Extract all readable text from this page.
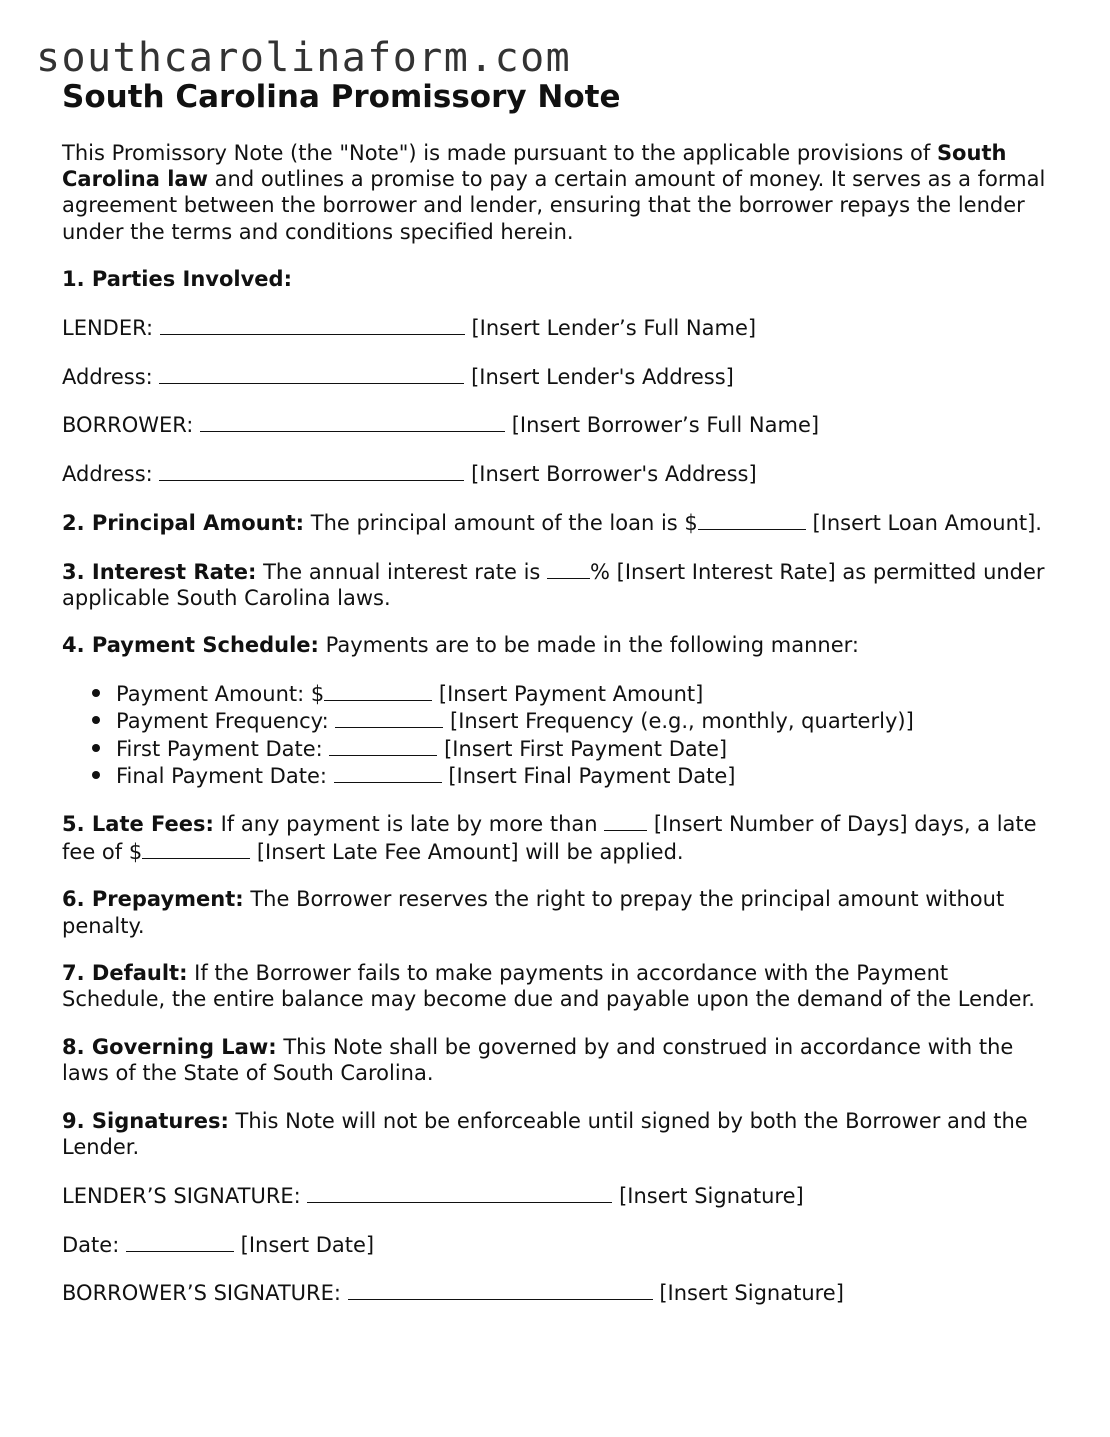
southcarolinaform.com
South Carolina Promissory Note

This Promissory Note (the "Note") is made pursuant to the applicable provisions of South Carolina law and outlines a promise to pay a certain amount of money. It serves as a formal agreement between the borrower and lender, ensuring that the borrower repays the lender under the terms and conditions specified herein.

1. Parties Involved:

LENDER:	[Insert Lender’s Full Name]
Address:	[Insert Lender's Address]
BORROWER:	[Insert Borrower’s Full Name]
Address:	[Insert Borrower's Address]

2. Principal Amount: The principal amount of the loan is $	[Insert Loan Amount].

3. Interest Rate: The annual interest rate is % [Insert Interest Rate] as permitted under applicable South Carolina laws.

4. Payment Schedule: Payments are to be made in the following manner:

Payment Amount: $	[Insert Payment Amount]
Payment Frequency:	[Insert Frequency (e.g., monthly, quarterly)]
First Payment Date:	[Insert First Payment Date]
Final Payment Date:	[Insert Final Payment Date]

5. Late Fees: If any payment is late by more than  [Insert Number of Days] days, a late fee of $	[Insert Late Fee Amount] will be applied.

6. Prepayment: The Borrower reserves the right to prepay the principal amount without penalty.

7. Default: If the Borrower fails to make payments in accordance with the Payment Schedule, the entire balance may become due and payable upon the demand of the Lender.

8. Governing Law: This Note shall be governed by and construed in accordance with the laws of the State of South Carolina.

9. Signatures: This Note will not be enforceable until signed by both the Borrower and the Lender.

LENDER’S SIGNATURE:	[Insert Signature]
Date:	[Insert Date]
BORROWER’S SIGNATURE:	[Insert Signature]
